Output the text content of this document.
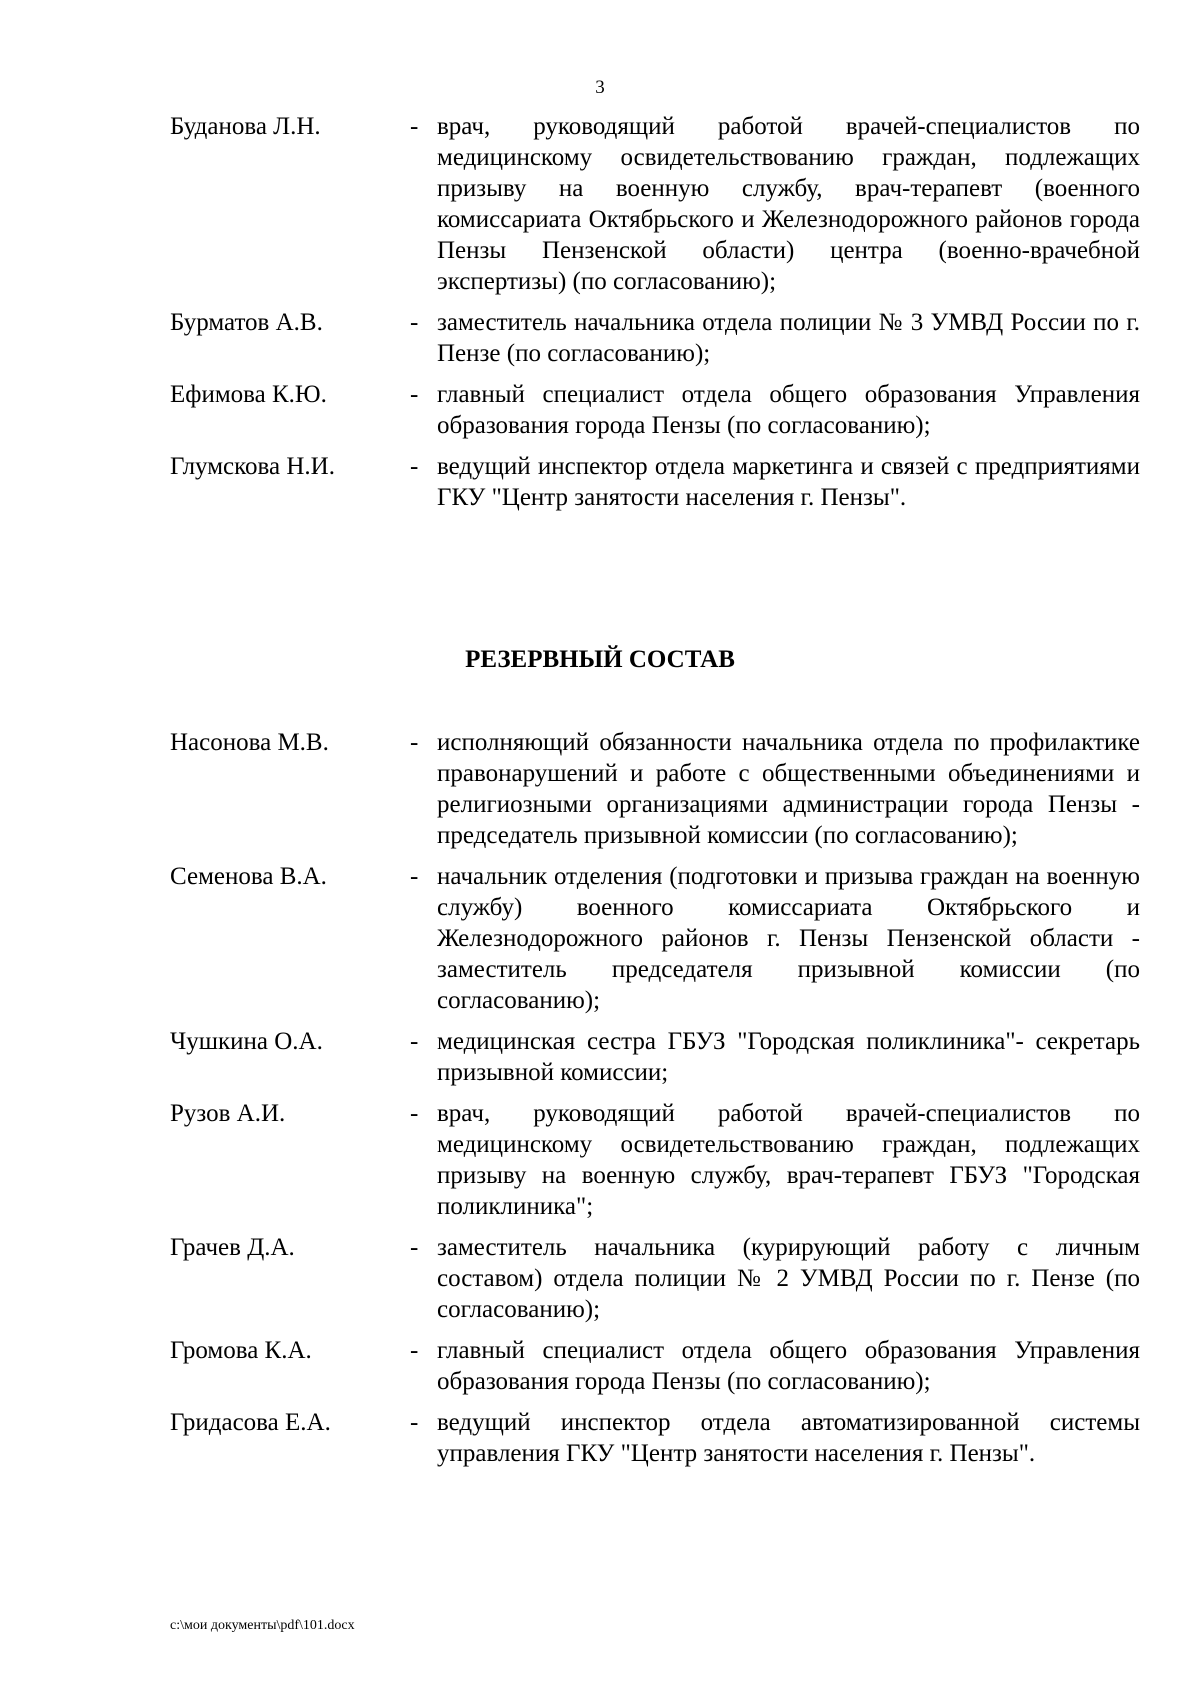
3
Буданова Л.Н.	- врач, руководящий работой врачей-специалистов по медицинскому освидетельствованию граждан, подлежащих призыву на военную службу, врач-терапевт (военного комиссариата Октябрьского и Железнодорожного районов города Пензы Пензенской области) центра (военно-врачебной экспертизы) (по согласованию);
Бурматов А.В.	- заместитель начальника отдела полиции № 3 УМВД России по г. Пензе (по согласованию);
Ефимова К.Ю.	- главный специалист отдела общего образования Управления образования города Пензы (по согласованию);
Глумскова Н.И.	- ведущий инспектор отдела маркетинга и связей с предприятиями ГКУ "Центр занятости населения г. Пензы".
РЕЗЕРВНЫЙ СОСТАВ
Насонова М.В.	- исполняющий обязанности начальника отдела по профилактике правонарушений и работе с общественными объединениями и религиозными организациями администрации города Пензы - председатель призывной комиссии (по согласованию);
Семенова В.А.	- начальник отделения (подготовки и призыва граждан на военную службу) военного комиссариата Октябрьского и Железнодорожного районов г. Пензы Пензенской области - заместитель председателя призывной комиссии (по согласованию);
Чушкина О.А.	- медицинская сестра ГБУЗ "Городская поликлиника"- секретарь призывной комиссии;
Рузов А.И.	- врач, руководящий работой врачей-специалистов по медицинскому освидетельствованию граждан, подлежащих призыву на военную службу, врач-терапевт ГБУЗ "Городская поликлиника";
Грачев Д.А.	- заместитель начальника (курирующий работу с личным составом) отдела полиции № 2 УМВД России по г. Пензе (по согласованию);
Громова К.А.	- главный специалист отдела общего образования Управления образования города Пензы (по согласованию);
Гридасова Е.А.	- ведущий инспектор отдела автоматизированной системы управления ГКУ "Центр занятости населения г. Пензы".
c:\мои документы\pdf\101.docx
